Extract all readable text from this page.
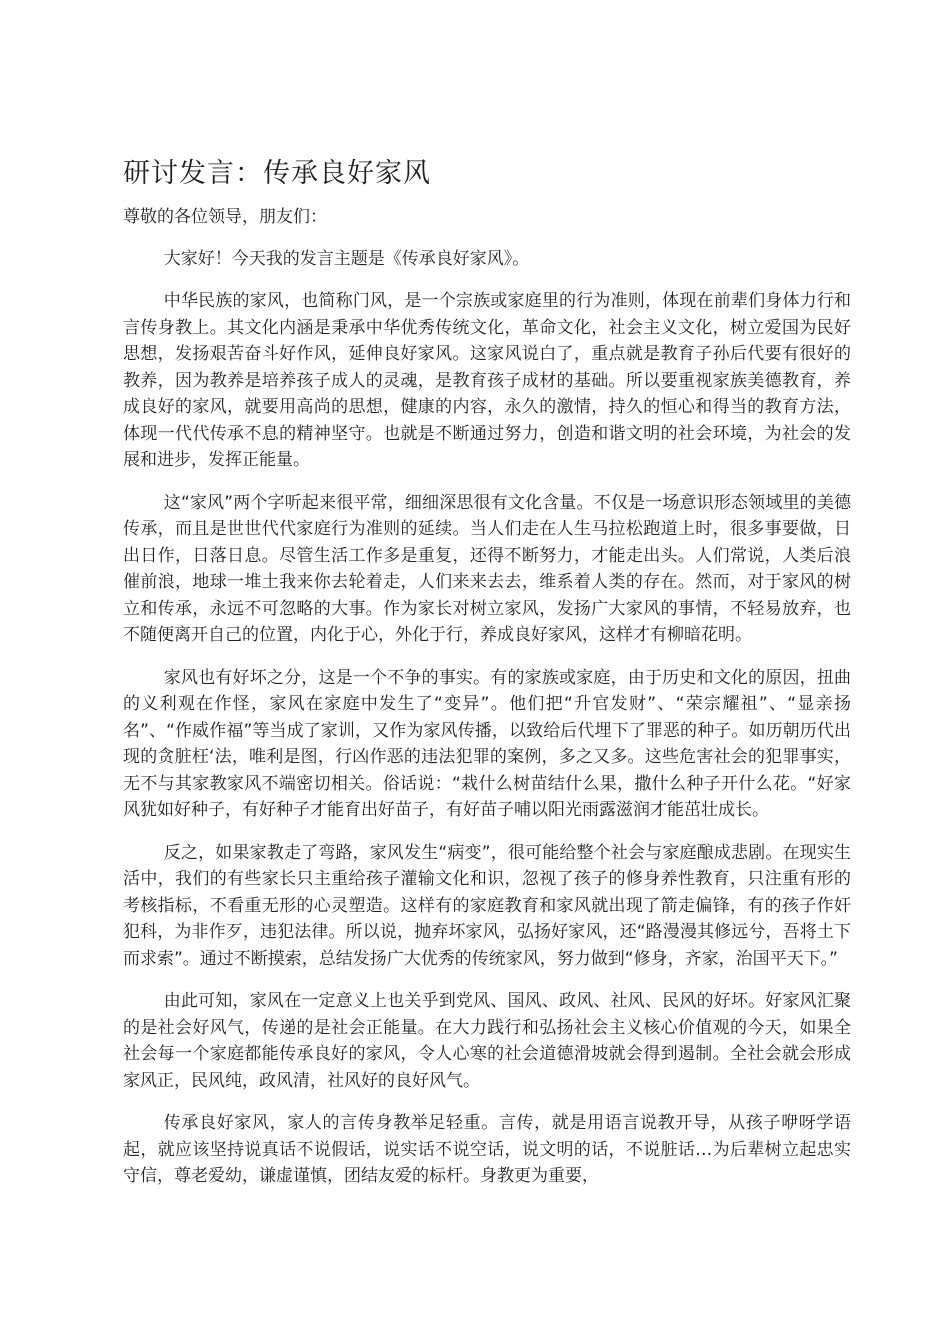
研讨发言：传承良好家风

尊敬的各位领导，朋友们：

大家好！今天我的发言主题是《传承良好家风》。

中华民族的家风，也简称门风，是一个宗族或家庭里的行为准则，体现在前辈们身体力行和言传身教上。其文化内涵是秉承中华优秀传统文化，革命文化，社会主义文化，树立爱国为民好思想，发扬艰苦奋斗好作风，延伸良好家风。这家风说白了，重点就是教育子孙后代要有很好的教养，因为教养是培养孩子成人的灵魂，是教育孩子成材的基础。所以要重视家族美德教育，养成良好的家风，就要用高尚的思想，健康的内容，永久的激情，持久的恒心和得当的教育方法，体现一代代传承不息的精神坚守。也就是不断通过努力，创造和谐文明的社会环境，为社会的发展和进步，发挥正能量。

这“家风”两个字听起来很平常，细细深思很有文化含量。不仅是一场意识形态领域里的美德传承，而且是世世代代家庭行为准则的延续。当人们走在人生马拉松跑道上时，很多事要做，日出日作，日落日息。尽管生活工作多是重复，还得不断努力，才能走出头。人们常说，人类后浪催前浪，地球一堆土我来你去轮着走，人们来来去去，维系着人类的存在。然而，对于家风的树立和传承，永远不可忽略的大事。作为家长对树立家风，发扬广大家风的事情，不轻易放弃，也不随便离开自己的位置，内化于心，外化于行，养成良好家风，这样才有柳暗花明。

家风也有好坏之分，这是一个不争的事实。有的家族或家庭，由于历史和文化的原因，扭曲的义利观在作怪，家风在家庭中发生了“变异”。他们把“升官发财”、“荣宗耀祖”、“显亲扬名”、“作威作福”等当成了家训，又作为家风传播，以致给后代埋下了罪恶的种子。如历朝历代出现的贪脏枉‘法，唯利是图，行凶作恶的违法犯罪的案例，多之又多。这些危害社会的犯罪事实，无不与其家教家风不端密切相关。俗话说：“栽什么树苗结什么果，撒什么种子开什么花。“好家风犹如好种子，有好种子才能育出好苗子，有好苗子哺以阳光雨露滋润才能茁壮成长。

反之，如果家教走了弯路，家风发生“病变”，很可能给整个社会与家庭酿成悲剧。在现实生活中，我们的有些家长只主重给孩子灌输文化和识，忽视了孩子的修身养性教育，只注重有形的考核指标，不看重无形的心灵塑造。这样有的家庭教育和家风就出现了箭走偏锋，有的孩子作奸犯科，为非作歹，违犯法律。所以说，抛弃坏家风，弘扬好家风，还“路漫漫其修远兮，吾将土下而求索”。通过不断摸索，总结发扬广大优秀的传统家风，努力做到“修身，齐家，治国平天下。”

由此可知，家风在一定意义上也关乎到党风、国风、政风、社风、民风的好坏。好家风汇聚的是社会好风气，传递的是社会正能量。在大力践行和弘扬社会主义核心价值观的今天，如果全社会每一个家庭都能传承良好的家风，令人心寒的社会道德滑坡就会得到遏制。全社会就会形成家风正，民风纯，政风清，社风好的良好风气。

传承良好家风，家人的言传身教举足轻重。言传，就是用语言说教开导，从孩子咿呀学语起，就应该坚持说真话不说假话，说实话不说空话，说文明的话，不说脏话…为后辈树立起忠实守信，尊老爱幼，谦虚谨慎，团结友爱的标杆。身教更为重要，
